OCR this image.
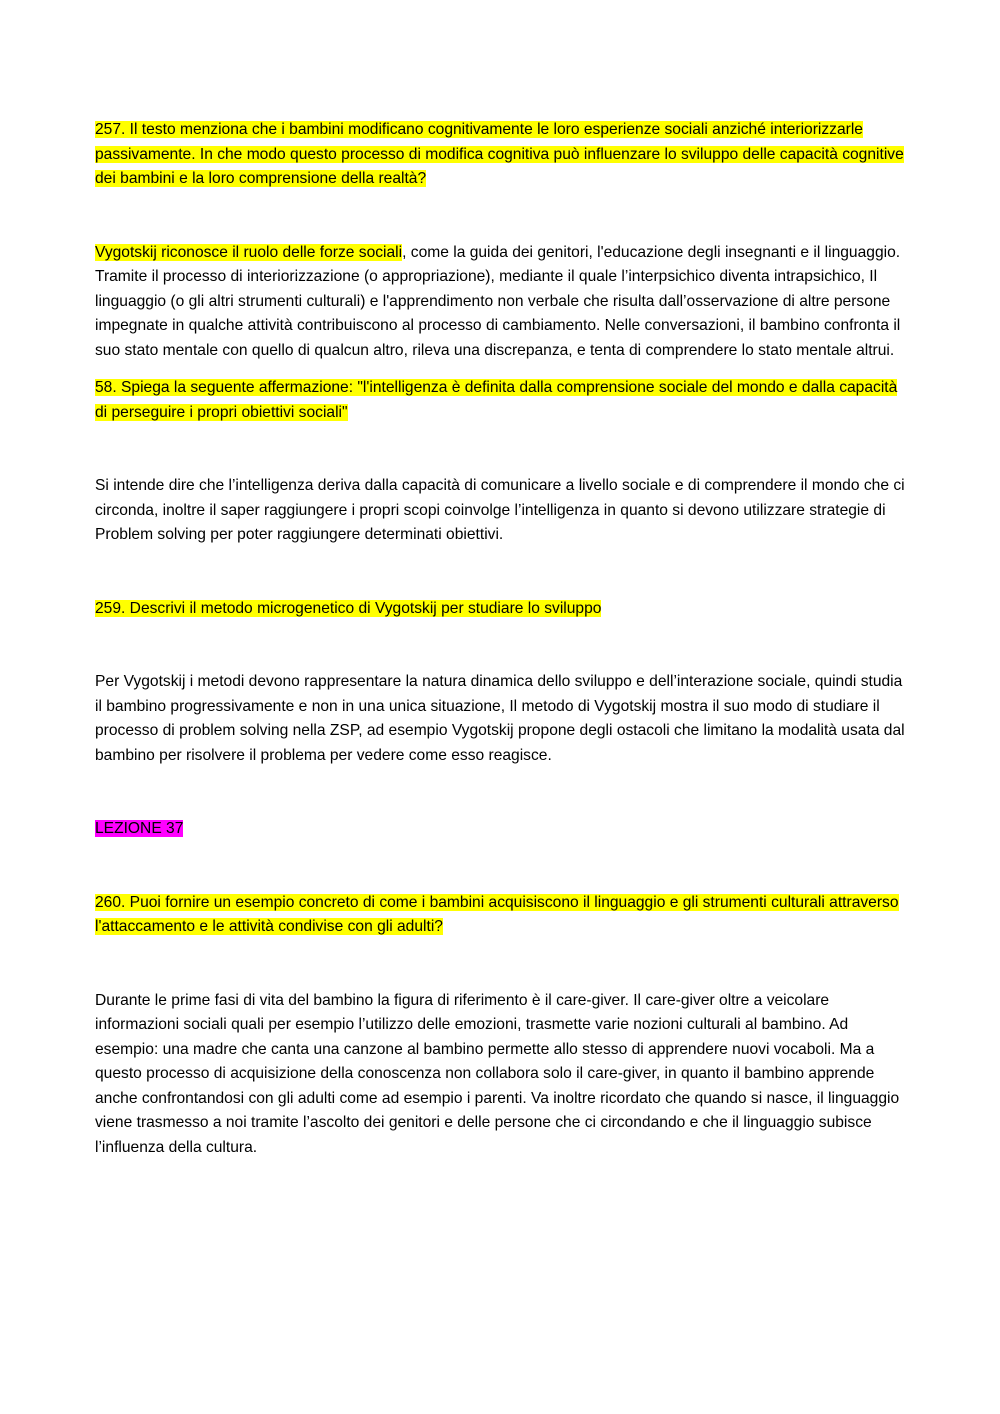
257. Il testo menziona che i bambini modificano cognitivamente le loro esperienze sociali anziché interiorizzarle passivamente. In che modo questo processo di modifica cognitiva può influenzare lo sviluppo delle capacità cognitive dei bambini e la loro comprensione della realtà?

Vygotskij riconosce il ruolo delle forze sociali, come la guida dei genitori, l'educazione degli insegnanti e il linguaggio. Tramite il processo di interiorizzazione (o appropriazione), mediante il quale l’interpsichico diventa intrapsichico, Il linguaggio (o gli altri strumenti culturali) e l'apprendimento non verbale che risulta dall’osservazione di altre persone impegnate in qualche attività contribuiscono al processo di cambiamento. Nelle conversazioni, il bambino confronta il suo stato mentale con quello di qualcun altro, rileva una discrepanza, e tenta di comprendere lo stato mentale altrui.

58. Spiega la seguente affermazione: "l'intelligenza è definita dalla comprensione sociale del mondo e dalla capacità di perseguire i propri obiettivi sociali"

Si intende dire che l’intelligenza deriva dalla capacità di comunicare a livello sociale e di comprendere il mondo che ci circonda, inoltre il saper raggiungere i propri scopi coinvolge l’intelligenza in quanto si devono utilizzare strategie di Problem solving per poter raggiungere determinati obiettivi.

259. Descrivi il metodo microgenetico di Vygotskij per studiare lo sviluppo

Per Vygotskij i metodi devono rappresentare la natura dinamica dello sviluppo e dell’interazione sociale, quindi studia il bambino progressivamente e non in una unica situazione, Il metodo di Vygotskij mostra il suo modo di studiare il processo di problem solving nella ZSP, ad esempio Vygotskij propone degli ostacoli che limitano la modalità usata dal bambino per risolvere il problema per vedere come esso reagisce.

LEZIONE 37

260. Puoi fornire un esempio concreto di come i bambini acquisiscono il linguaggio e gli strumenti culturali attraverso l'attaccamento e le attività condivise con gli adulti?

Durante le prime fasi di vita del bambino la figura di riferimento è il care-giver. Il care-giver oltre a veicolare informazioni sociali quali per esempio l’utilizzo delle emozioni, trasmette varie nozioni culturali al bambino. Ad esempio: una madre che canta una canzone al bambino permette allo stesso di apprendere nuovi vocaboli. Ma a questo processo di acquisizione della conoscenza non collabora solo il care-giver, in quanto il bambino apprende anche confrontandosi con gli adulti come ad esempio i parenti. Va inoltre ricordato che quando si nasce, il linguaggio viene trasmesso a noi tramite l’ascolto dei genitori e delle persone che ci circondando e che il linguaggio subisce l’influenza della cultura.
